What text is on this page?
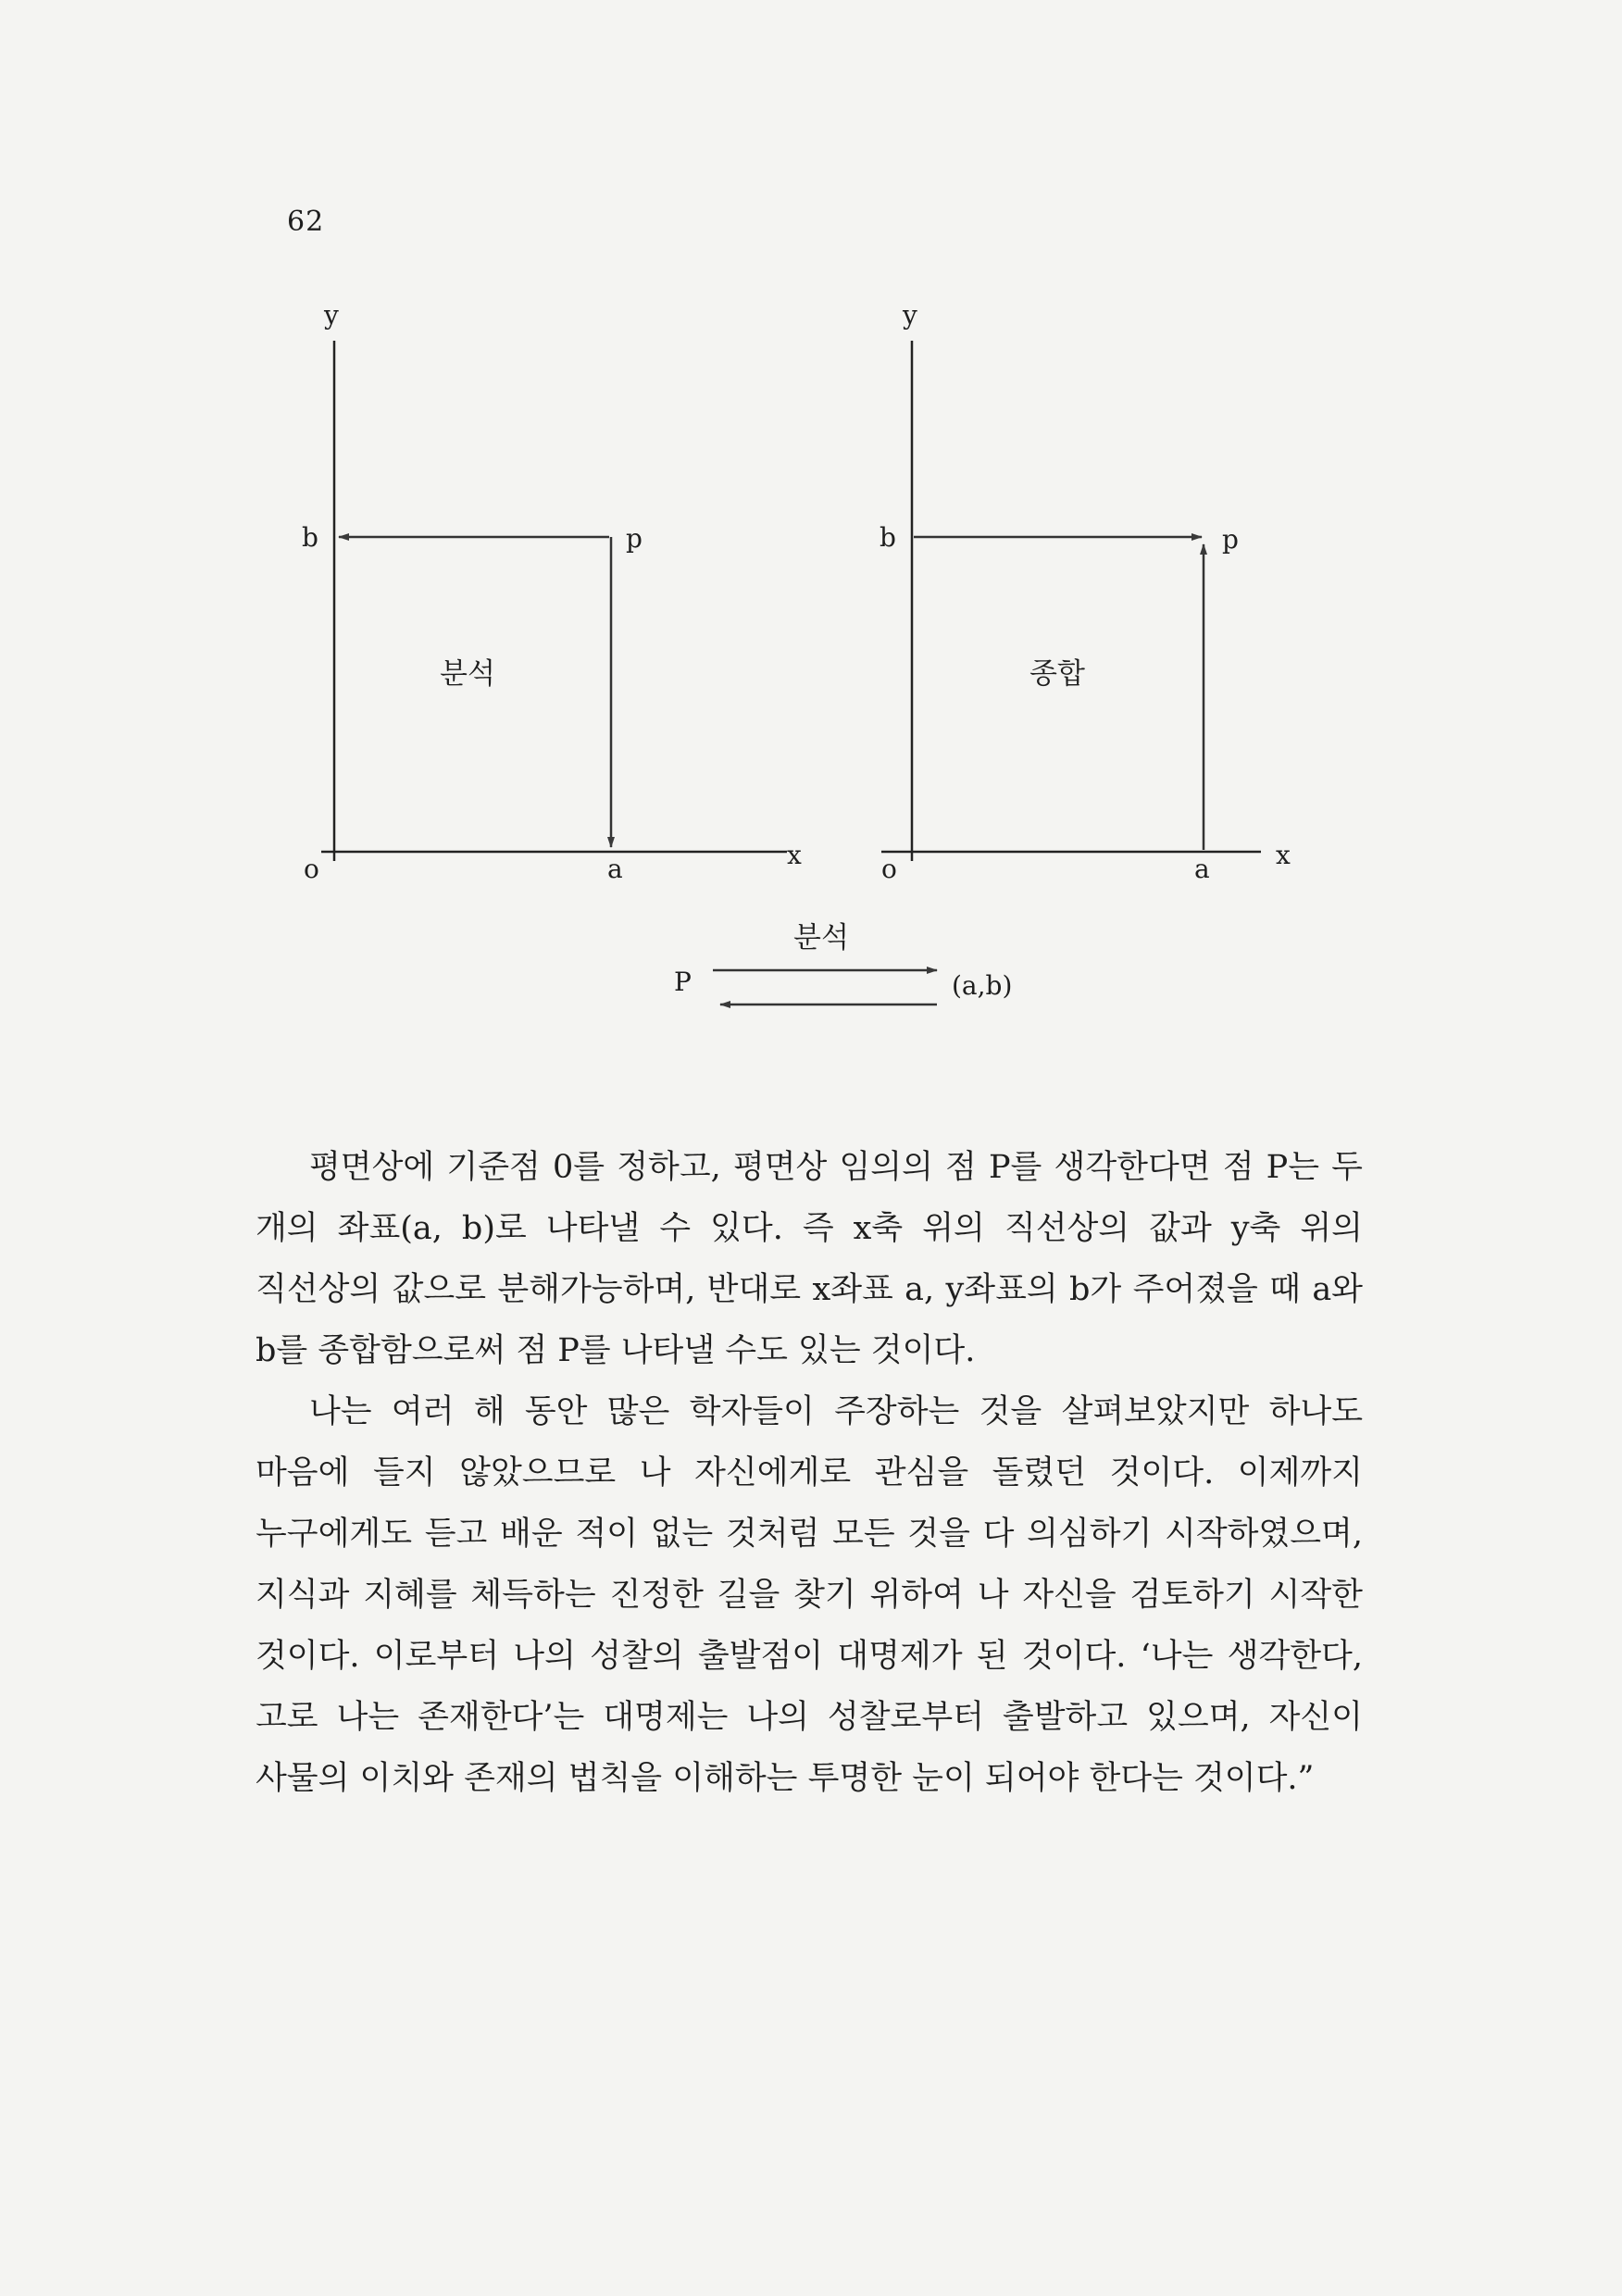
62
y
b	p
분석
o	a	x
y
b	p
종합
o	a	x
분석
P	(a,b)

평면상에 기준점 0를 정하고, 평면상 임의의 점 P를 생각한다면 점 P는 두 개의 좌표(a, b)로 나타낼 수 있다. 즉 x축 위의 직선상의 값과 y축 위의 직선상의 값으로 분해가능하며, 반대로 x좌표 a, y좌표의 b가 주어졌을 때 a와 b를 종합함으로써 점 P를 나타낼 수도 있는 것이다.

나는 여러 해 동안 많은 학자들이 주장하는 것을 살펴보았지만 하나도 마음에 들지 않았으므로 나 자신에게로 관심을 돌렸던 것이다. 이제까지 누구에게도 듣고 배운 적이 없는 것처럼 모든 것을 다 의심하기 시작하였으며, 지식과 지혜를 체득하는 진정한 길을 찾기 위하여 나 자신을 검토하기 시작한 것이다. 이로부터 나의 성찰의 출발점이 대명제가 된 것이다. ‘나는 생각한다, 고로 나는 존재한다’는 대명제는 나의 성찰로부터 출발하고 있으며, 자신이 사물의 이치와 존재의 법칙을 이해하는 투명한 눈이 되어야 한다는 것이다.”
